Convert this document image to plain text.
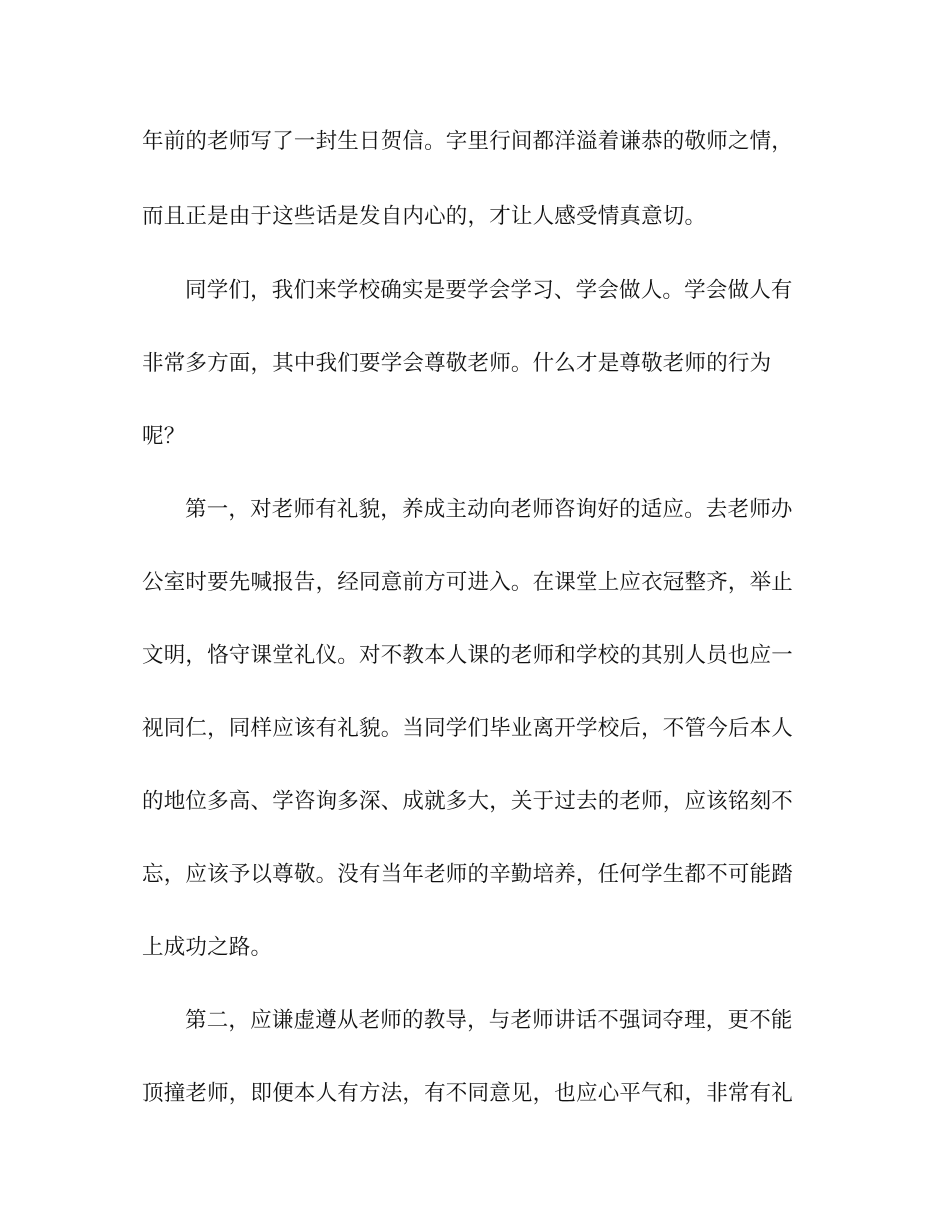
年前的老师写了一封生日贺信。字里行间都洋溢着谦恭的敬师之情，
而且正是由于这些话是发自内心的，才让人感受情真意切。
同学们，我们来学校确实是要学会学习、学会做人。学会做人有
非常多方面，其中我们要学会尊敬老师。什么才是尊敬老师的行为
呢？
第一，对老师有礼貌，养成主动向老师咨询好的适应。去老师办
公室时要先喊报告，经同意前方可进入。在课堂上应衣冠整齐，举止
文明，恪守课堂礼仪。对不教本人课的老师和学校的其别人员也应一
视同仁，同样应该有礼貌。当同学们毕业离开学校后，不管今后本人
的地位多高、学咨询多深、成就多大，关于过去的老师，应该铭刻不
忘，应该予以尊敬。没有当年老师的辛勤培养，任何学生都不可能踏
上成功之路。
第二，应谦虚遵从老师的教导，与老师讲话不强词夺理，更不能
顶撞老师，即便本人有方法，有不同意见，也应心平气和，非常有礼
